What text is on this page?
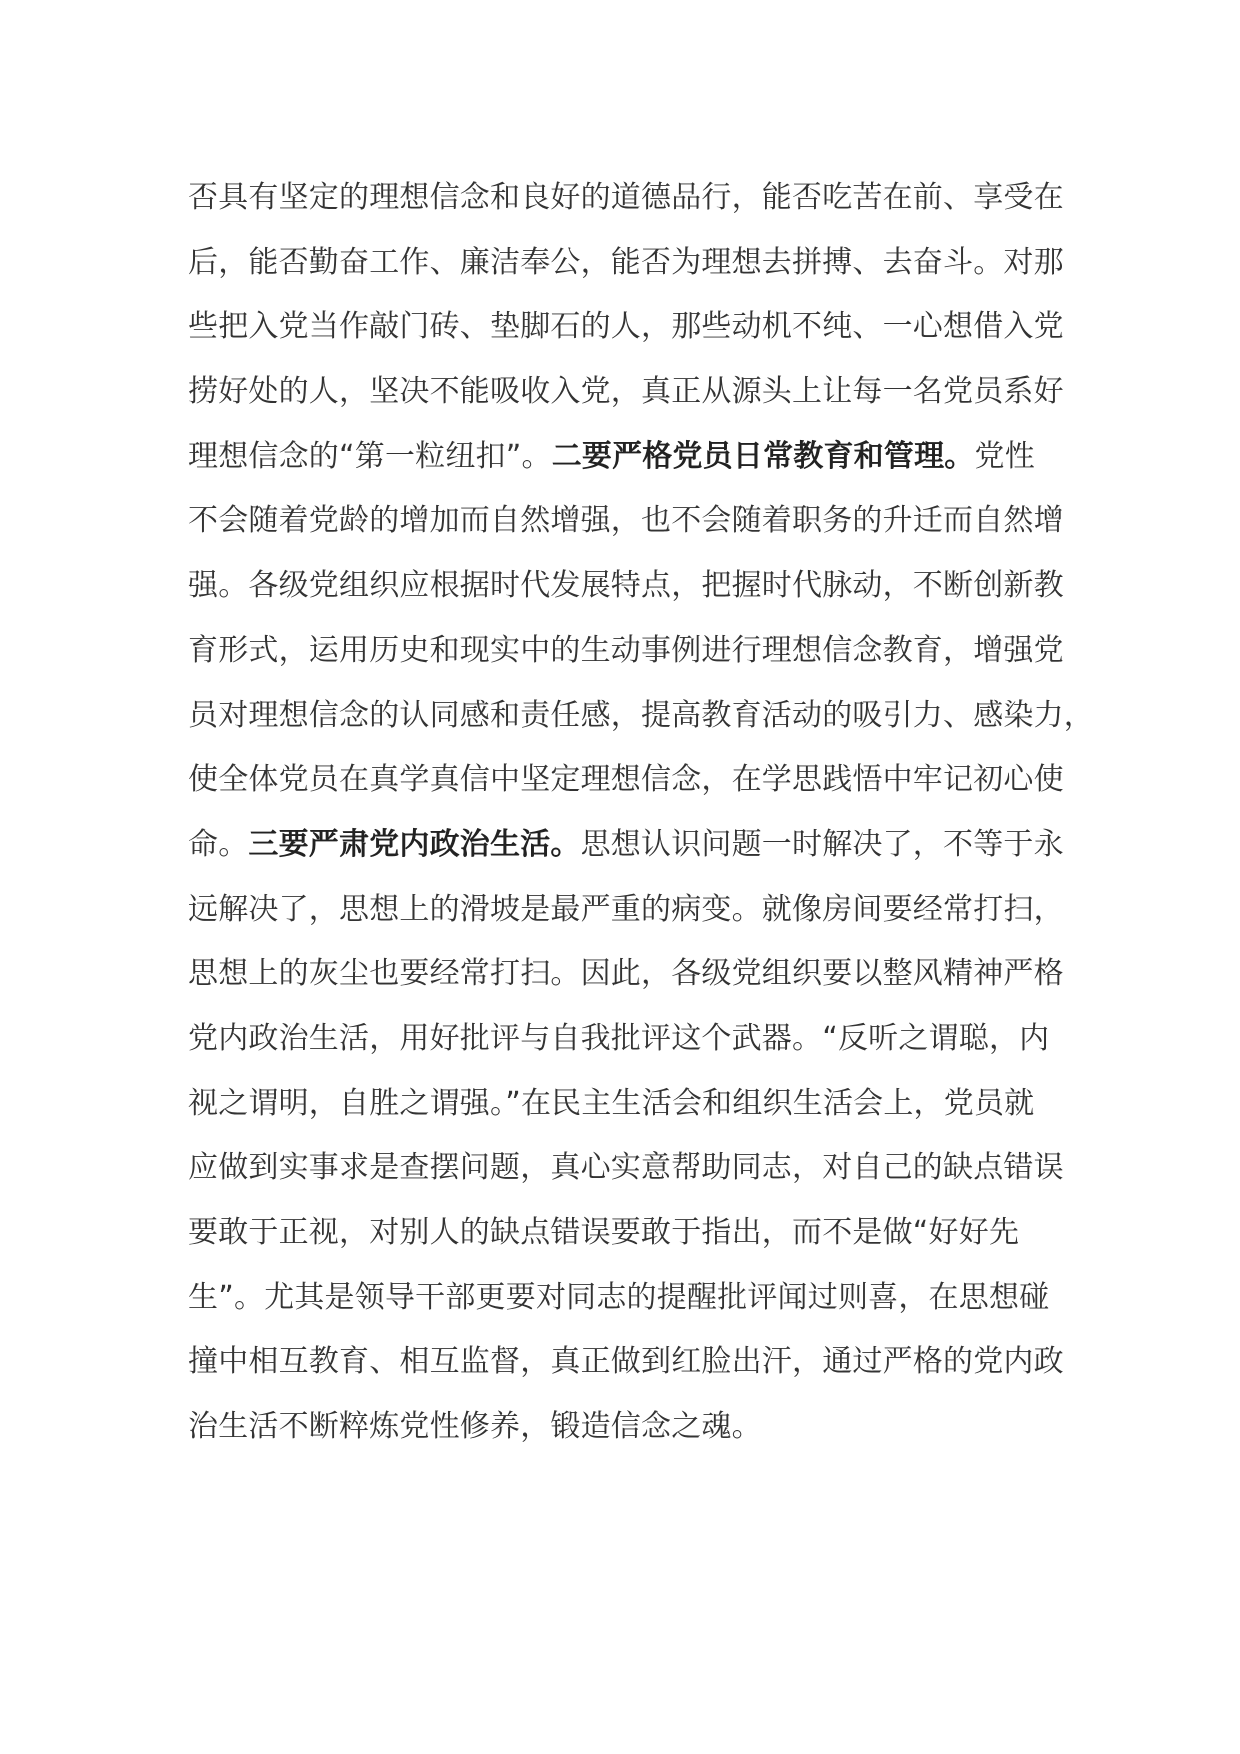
否具有坚定的理想信念和良好的道德品行，能否吃苦在前、享受在
后，能否勤奋工作、廉洁奉公，能否为理想去拼搏、去奋斗。对那
些把入党当作敲门砖、垫脚石的人，那些动机不纯、一心想借入党
捞好处的人，坚决不能吸收入党，真正从源头上让每一名党员系好
理想信念的“第一粒纽扣”。二要严格党员日常教育和管理。党性
不会随着党龄的增加而自然增强，也不会随着职务的升迁而自然增
强。各级党组织应根据时代发展特点，把握时代脉动，不断创新教
育形式，运用历史和现实中的生动事例进行理想信念教育，增强党
员对理想信念的认同感和责任感，提高教育活动的吸引力、感染力，
使全体党员在真学真信中坚定理想信念，在学思践悟中牢记初心使
命。三要严肃党内政治生活。思想认识问题一时解决了，不等于永
远解决了，思想上的滑坡是最严重的病变。就像房间要经常打扫，
思想上的灰尘也要经常打扫。因此，各级党组织要以整风精神严格
党内政治生活，用好批评与自我批评这个武器。“反听之谓聪，内
视之谓明，自胜之谓强。”在民主生活会和组织生活会上，党员就
应做到实事求是查摆问题，真心实意帮助同志，对自己的缺点错误
要敢于正视，对别人的缺点错误要敢于指出，而不是做“好好先
生”。尤其是领导干部更要对同志的提醒批评闻过则喜，在思想碰
撞中相互教育、相互监督，真正做到红脸出汗，通过严格的党内政
治生活不断粹炼党性修养，锻造信念之魂。
